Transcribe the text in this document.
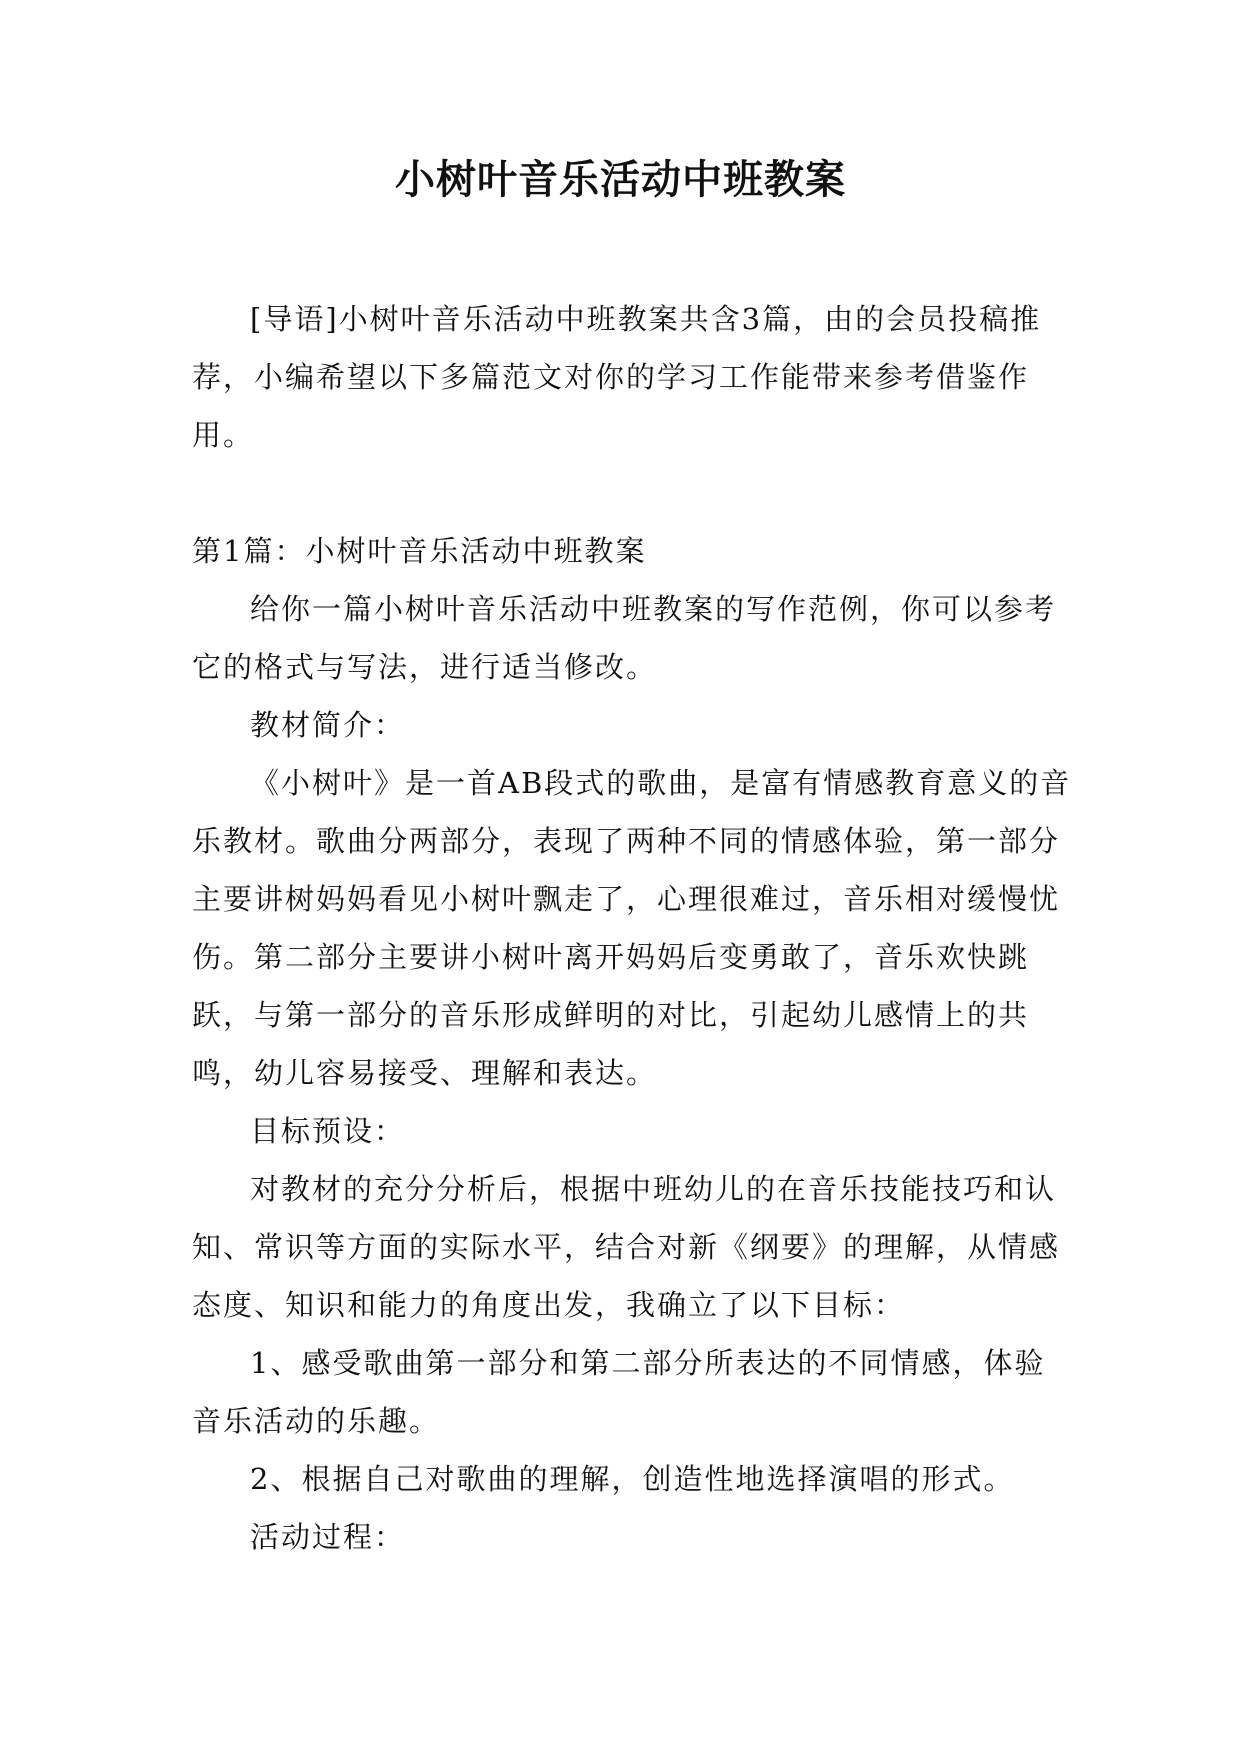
小树叶音乐活动中班教案

[导语]小树叶音乐活动中班教案共含3篇，由的会员投稿推荐，小编希望以下多篇范文对你的学习工作能带来参考借鉴作用。

第1篇：小树叶音乐活动中班教案

给你一篇小树叶音乐活动中班教案的写作范例，你可以参考它的格式与写法，进行适当修改。

教材简介：

《小树叶》是一首AB段式的歌曲，是富有情感教育意义的音乐教材。歌曲分两部分，表现了两种不同的情感体验，第一部分主要讲树妈妈看见小树叶飘走了，心理很难过，音乐相对缓慢忧伤。第二部分主要讲小树叶离开妈妈后变勇敢了，音乐欢快跳跃，与第一部分的音乐形成鲜明的对比，引起幼儿感情上的共鸣，幼儿容易接受、理解和表达。

目标预设：

对教材的充分分析后，根据中班幼儿的在音乐技能技巧和认知、常识等方面的实际水平，结合对新《纲要》的理解，从情感态度、知识和能力的角度出发，我确立了以下目标：

1、感受歌曲第一部分和第二部分所表达的不同情感，体验音乐活动的乐趣。

2、根据自己对歌曲的理解，创造性地选择演唱的形式。

活动过程：
